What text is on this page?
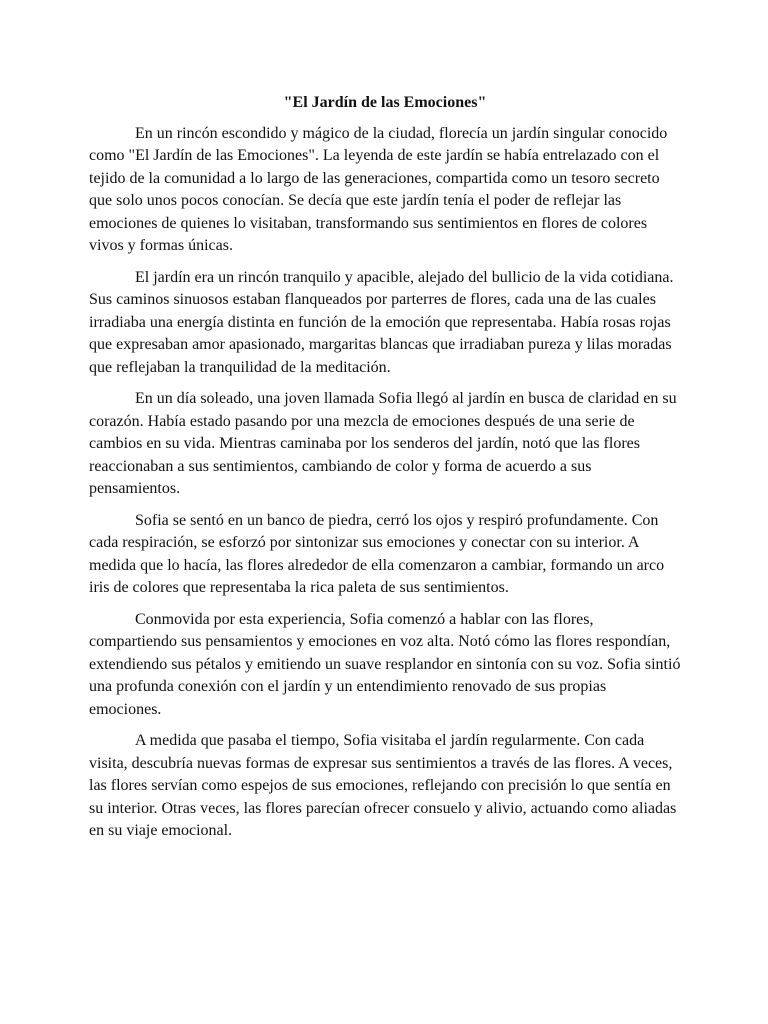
"El Jardín de las Emociones"

En un rincón escondido y mágico de la ciudad, florecía un jardín singular conocido como "El Jardín de las Emociones". La leyenda de este jardín se había entrelazado con el tejido de la comunidad a lo largo de las generaciones, compartida como un tesoro secreto que solo unos pocos conocían. Se decía que este jardín tenía el poder de reflejar las emociones de quienes lo visitaban, transformando sus sentimientos en flores de colores vivos y formas únicas.

El jardín era un rincón tranquilo y apacible, alejado del bullicio de la vida cotidiana. Sus caminos sinuosos estaban flanqueados por parterres de flores, cada una de las cuales irradiaba una energía distinta en función de la emoción que representaba. Había rosas rojas que expresaban amor apasionado, margaritas blancas que irradiaban pureza y lilas moradas que reflejaban la tranquilidad de la meditación.

En un día soleado, una joven llamada Sofia llegó al jardín en busca de claridad en su corazón. Había estado pasando por una mezcla de emociones después de una serie de cambios en su vida. Mientras caminaba por los senderos del jardín, notó que las flores reaccionaban a sus sentimientos, cambiando de color y forma de acuerdo a sus pensamientos.

Sofia se sentó en un banco de piedra, cerró los ojos y respiró profundamente. Con cada respiración, se esforzó por sintonizar sus emociones y conectar con su interior. A medida que lo hacía, las flores alrededor de ella comenzaron a cambiar, formando un arco iris de colores que representaba la rica paleta de sus sentimientos.

Conmovida por esta experiencia, Sofia comenzó a hablar con las flores, compartiendo sus pensamientos y emociones en voz alta. Notó cómo las flores respondían, extendiendo sus pétalos y emitiendo un suave resplandor en sintonía con su voz. Sofia sintió una profunda conexión con el jardín y un entendimiento renovado de sus propias emociones.

A medida que pasaba el tiempo, Sofia visitaba el jardín regularmente. Con cada visita, descubría nuevas formas de expresar sus sentimientos a través de las flores. A veces, las flores servían como espejos de sus emociones, reflejando con precisión lo que sentía en su interior. Otras veces, las flores parecían ofrecer consuelo y alivio, actuando como aliadas en su viaje emocional.
